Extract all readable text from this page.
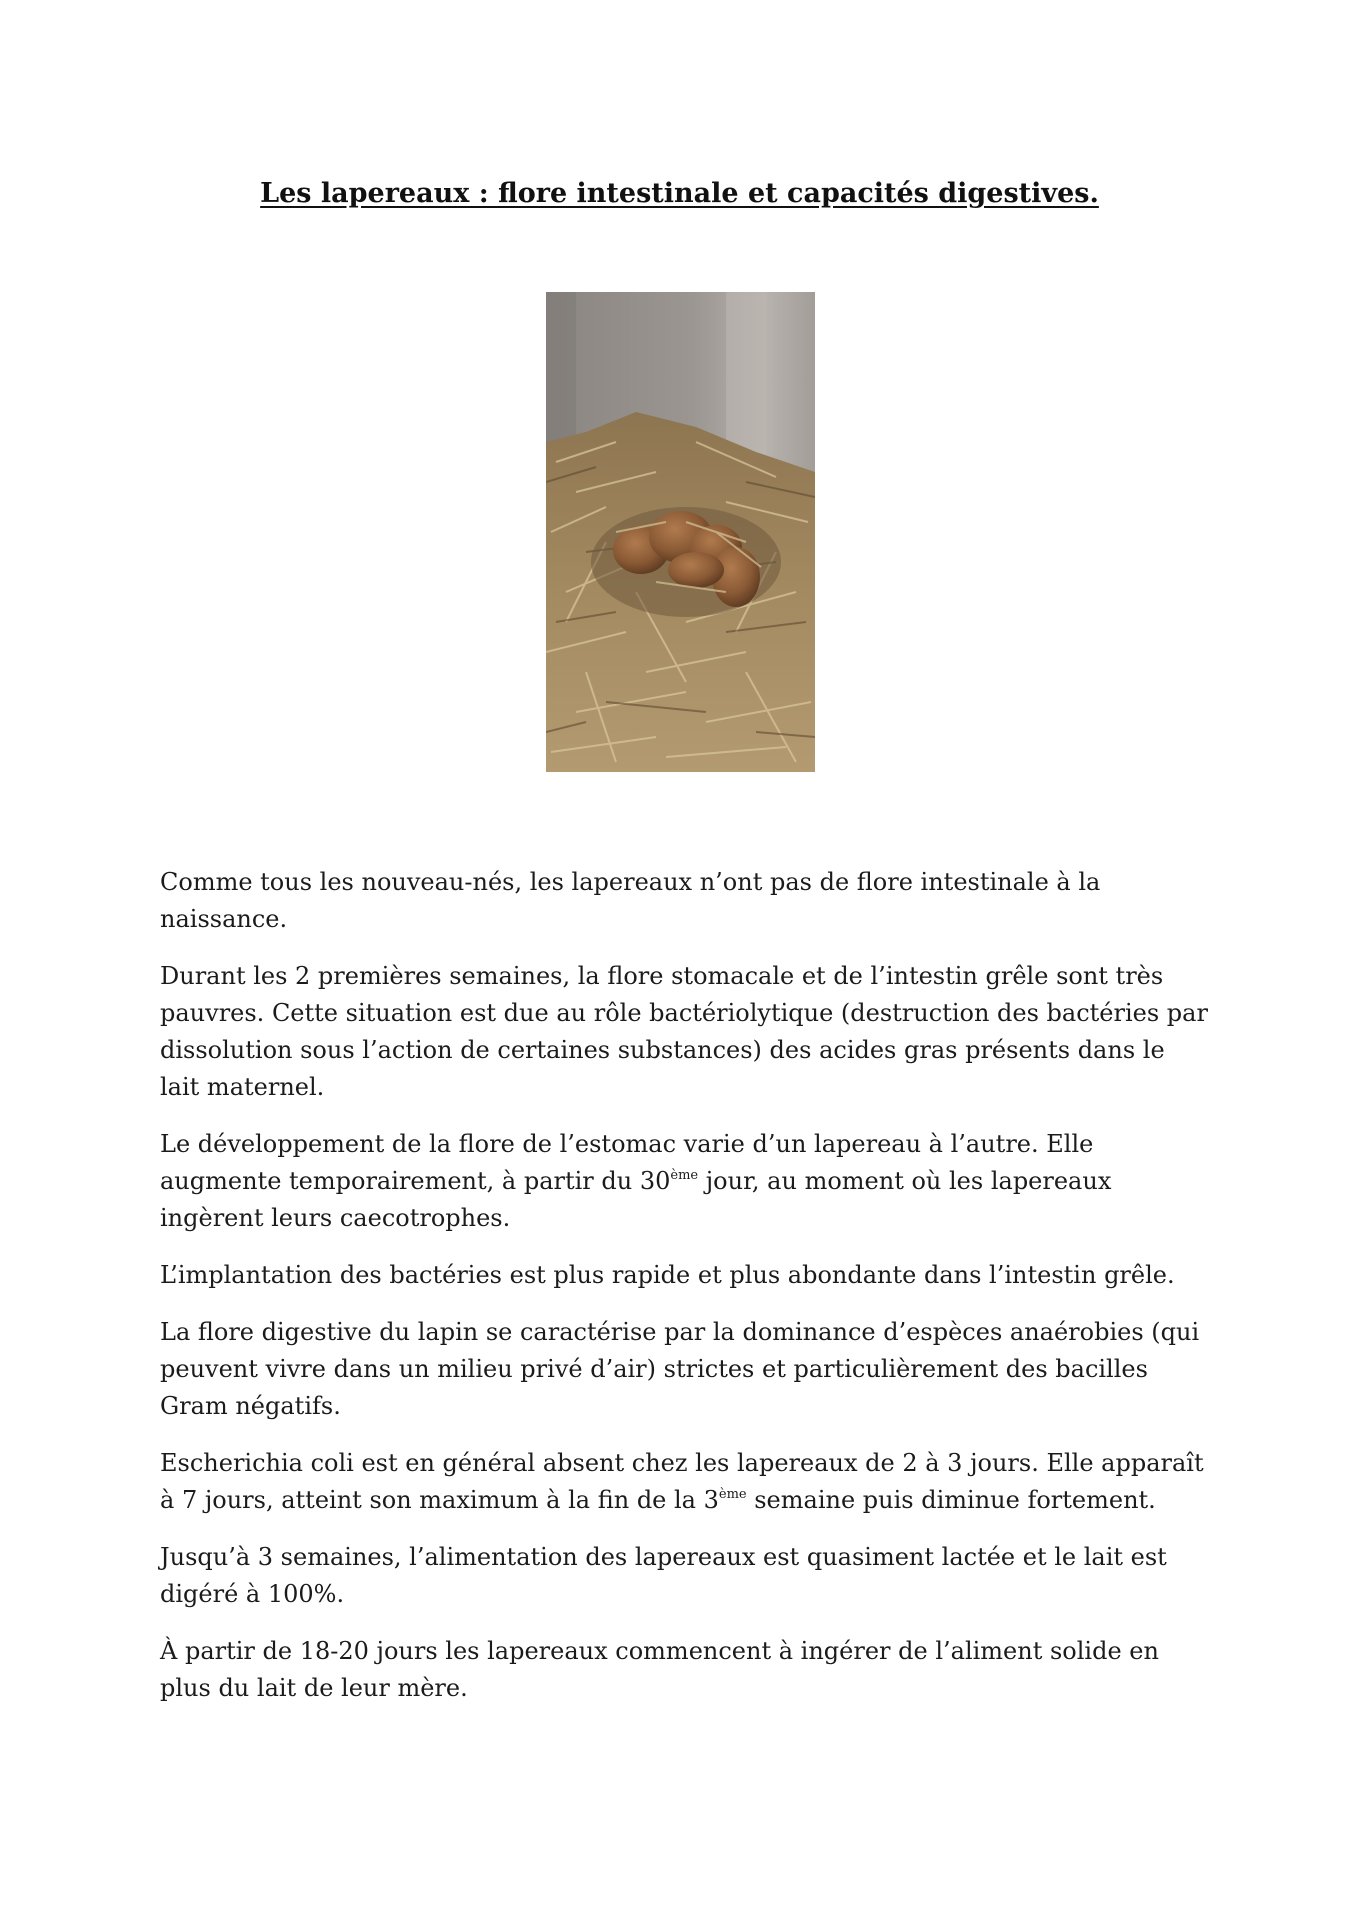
Les lapereaux : flore intestinale et capacités digestives.

Comme tous les nouveau-nés, les lapereaux n’ont pas de flore intestinale à la naissance.

Durant les 2 premières semaines, la flore stomacale et de l’intestin grêle sont très pauvres. Cette situation est due au rôle bactériolytique (destruction des bactéries par dissolution sous l’action de certaines substances) des acides gras présents dans le lait maternel.

Le développement de la flore de l’estomac varie d’un lapereau à l’autre. Elle augmente temporairement, à partir du 30ème jour, au moment où les lapereaux ingèrent leurs caecotrophes.

L’implantation des bactéries est plus rapide et plus abondante dans l’intestin grêle.

La flore digestive du lapin se caractérise par la dominance d’espèces anaérobies (qui peuvent vivre dans un milieu privé d’air) strictes et particulièrement des bacilles Gram négatifs.

Escherichia coli est en général absent chez les lapereaux de 2 à 3 jours. Elle apparaît à 7 jours, atteint son maximum à la fin de la 3ème semaine puis diminue fortement.

Jusqu’à 3 semaines, l’alimentation des lapereaux est quasiment lactée et le lait est digéré à 100%.

À partir de 18-20 jours les lapereaux commencent à ingérer de l’aliment solide en plus du lait de leur mère.
